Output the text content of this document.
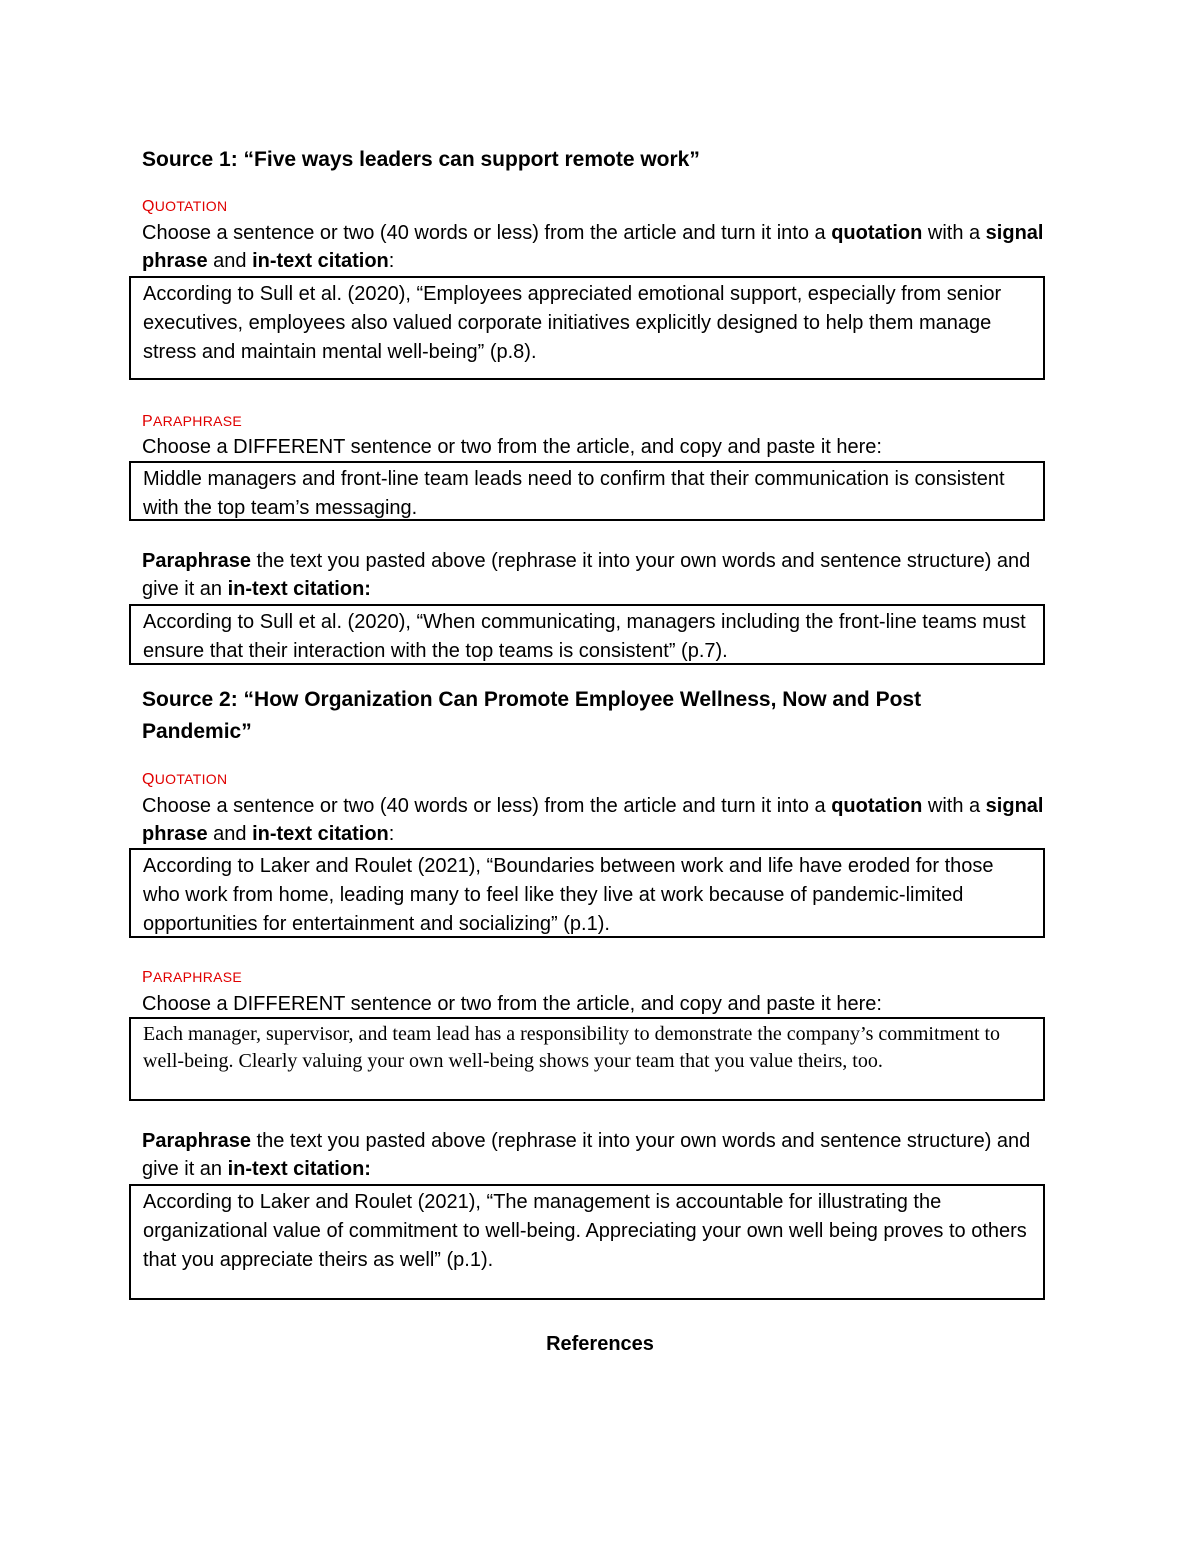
Source 1: “Five ways leaders can support remote work”
QUOTATION
Choose a sentence or two (40 words or less) from the article and turn it into a quotation with a signal phrase and in-text citation:
According to Sull et al. (2020), “Employees appreciated emotional support, especially from senior executives, employees also valued corporate initiatives explicitly designed to help them manage stress and maintain mental well-being” (p.8).
PARAPHRASE
Choose a DIFFERENT sentence or two from the article, and copy and paste it here:
Middle managers and front-line team leads need to confirm that their communication is consistent with the top team’s messaging.
Paraphrase the text you pasted above (rephrase it into your own words and sentence structure) and give it an in-text citation:
According to Sull et al. (2020), “When communicating, managers including the front-line teams must ensure that their interaction with the top teams is consistent” (p.7).
Source 2: “How Organization Can Promote Employee Wellness, Now and Post Pandemic”
QUOTATION
Choose a sentence or two (40 words or less) from the article and turn it into a quotation with a signal phrase and in-text citation:
According to Laker and Roulet (2021), “Boundaries between work and life have eroded for those who work from home, leading many to feel like they live at work because of pandemic-limited opportunities for entertainment and socializing” (p.1).
PARAPHRASE
Choose a DIFFERENT sentence or two from the article, and copy and paste it here:
Each manager, supervisor, and team lead has a responsibility to demonstrate the company’s commitment to well-being. Clearly valuing your own well-being shows your team that you value theirs, too.
Paraphrase the text you pasted above (rephrase it into your own words and sentence structure) and give it an in-text citation:
According to Laker and Roulet (2021), “The management is accountable for illustrating the organizational value of commitment to well-being. Appreciating your own well being proves to others that you appreciate theirs as well” (p.1).
References
